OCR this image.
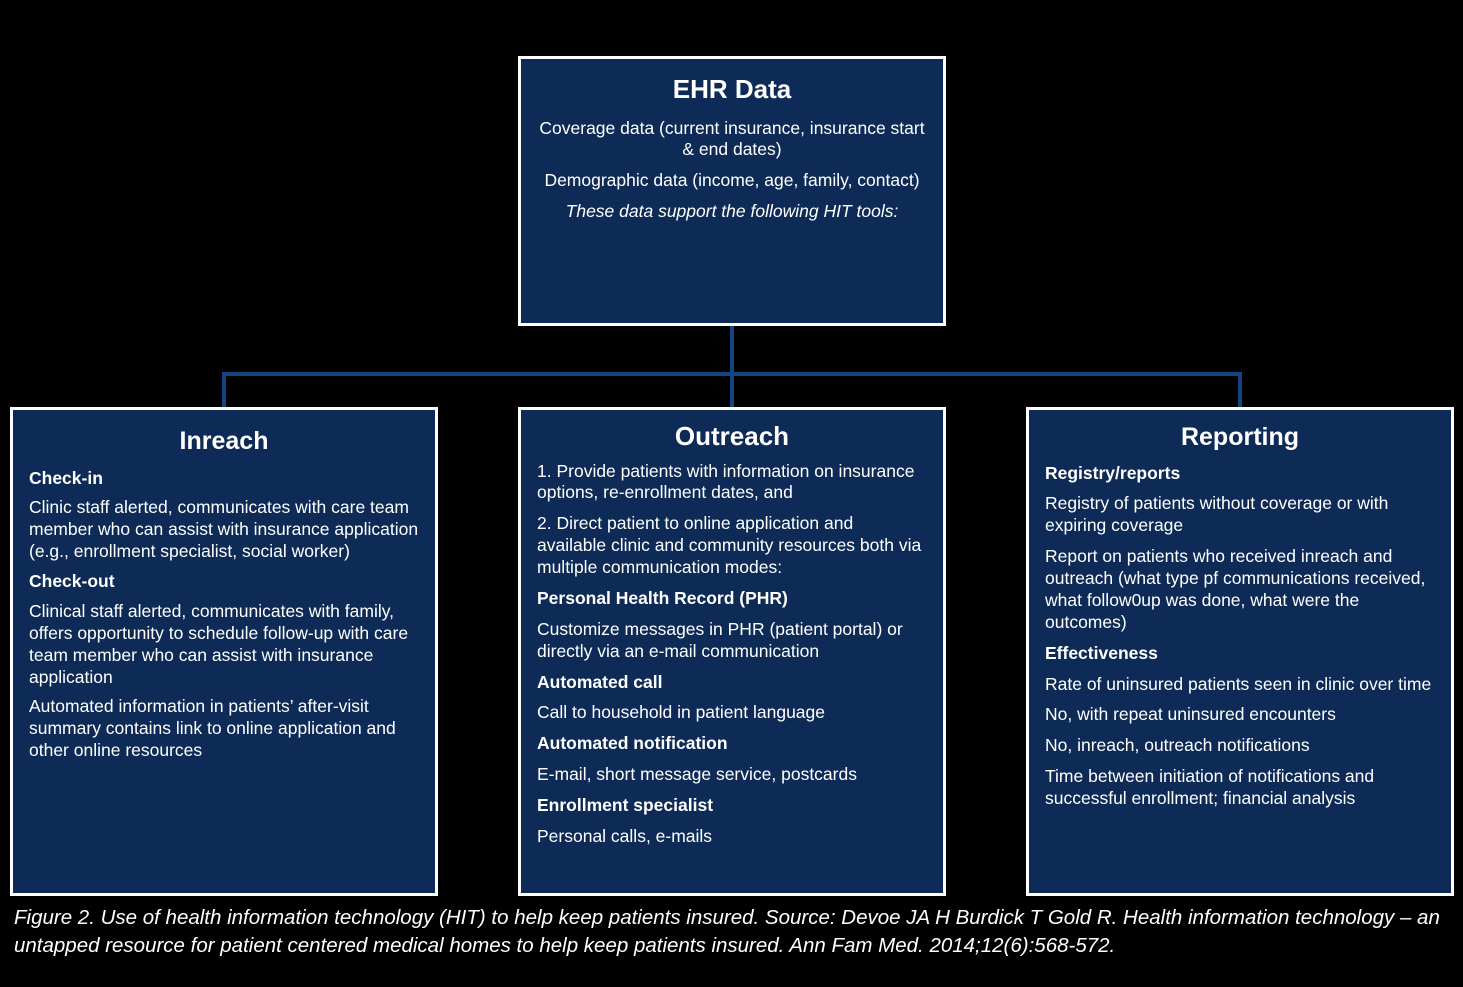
EHR Data

Coverage data (current insurance, insurance start & end dates)

Demographic data (income, age, family, contact)

These data support the following HIT tools:

Inreach

Check-in

Clinic staff alerted, communicates with care team member who can assist with insurance application (e.g., enrollment specialist, social worker)

Check-out

Clinical staff alerted, communicates with family, offers opportunity to schedule follow-up with care team member who can assist with insurance application

Automated information in patients’ after-visit summary contains link to online application and other online resources

Outreach

1. Provide patients with information on insurance options, re-enrollment dates, and

2. Direct patient to online application and available clinic and community resources both via multiple communication modes:

Personal Health Record (PHR)

Customize messages in PHR (patient portal) or directly via an e-mail communication

Automated call

Call to household in patient language

Automated notification

E-mail, short message service, postcards

Enrollment specialist

Personal calls, e-mails

Reporting

Registry/reports

Registry of patients without coverage or with expiring coverage

Report on patients who received inreach and outreach (what type pf communications received, what follow0up was done, what were the outcomes)

Effectiveness

Rate of uninsured patients seen in clinic over time

No, with repeat uninsured encounters

No, inreach, outreach notifications

Time between initiation of notifications and successful enrollment; financial analysis

Figure 2. Use of health information technology (HIT) to help keep patients insured. Source: Devoe JA H Burdick T Gold R. Health information technology – an untapped resource for patient centered medical homes to help keep patients insured. Ann Fam Med. 2014;12(6):568-572.
